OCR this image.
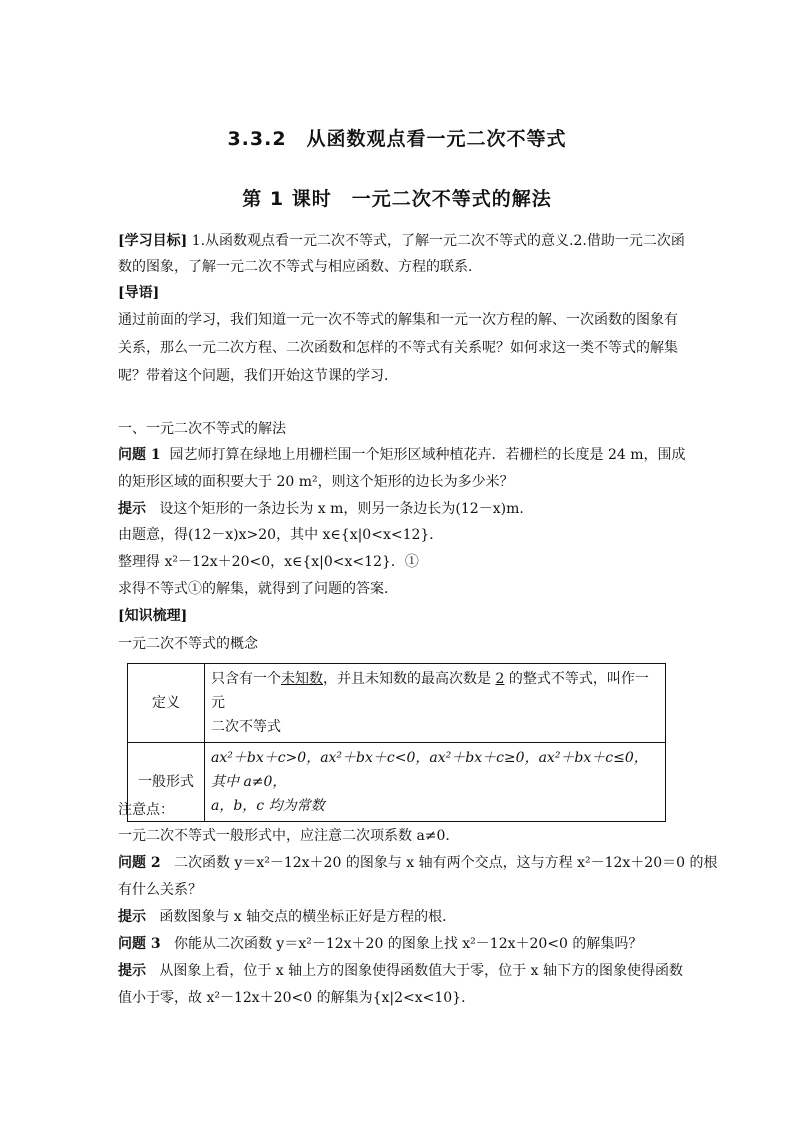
3.3.2　从函数观点看一元二次不等式
第 1 课时　一元二次不等式的解法
[学习目标] 1.从函数观点看一元二次不等式，了解一元二次不等式的意义.2.借助一元二次函
数的图象，了解一元二次不等式与相应函数、方程的联系．
[导语]
通过前面的学习，我们知道一元一次不等式的解集和一元一次方程的解、一次函数的图象有
关系，那么一元二次方程、二次函数和怎样的不等式有关系呢？如何求这一类不等式的解集
呢？带着这个问题，我们开始这节课的学习．
一、一元二次不等式的解法
问题 1 园艺师打算在绿地上用栅栏围一个矩形区域种植花卉．若栅栏的长度是 24 m，围成
的矩形区域的面积要大于 20 m²，则这个矩形的边长为多少米？
提示 设这个矩形的一条边长为 x m，则另一条边长为(12－x)m.
由题意，得(12－x)x>20，其中 x∈{x|0<x<12}．
整理得 x²－12x＋20<0，x∈{x|0<x<12}．①
求得不等式①的解集，就得到了问题的答案．
[知识梳理]
一元二次不等式的概念
定义	只含有一个未知数，并且未知数的最高次数是 2 的整式不等式，叫作一元
二次不等式

一般形式	ax²＋bx＋c>0，ax²＋bx＋c<0，ax²＋bx＋c≥0，ax²＋bx＋c≤0，其中 a≠0，
a，b，c 均为常数
注意点：
一元二次不等式一般形式中，应注意二次项系数 a≠0.
问题 2 二次函数 y＝x²－12x＋20 的图象与 x 轴有两个交点，这与方程 x²－12x＋20＝0 的根
有什么关系？
提示 函数图象与 x 轴交点的横坐标正好是方程的根．
问题 3 你能从二次函数 y＝x²－12x＋20 的图象上找 x²－12x＋20<0 的解集吗？
提示 从图象上看，位于 x 轴上方的图象使得函数值大于零，位于 x 轴下方的图象使得函数
值小于零，故 x²－12x＋20<0 的解集为{x|2<x<10}．
